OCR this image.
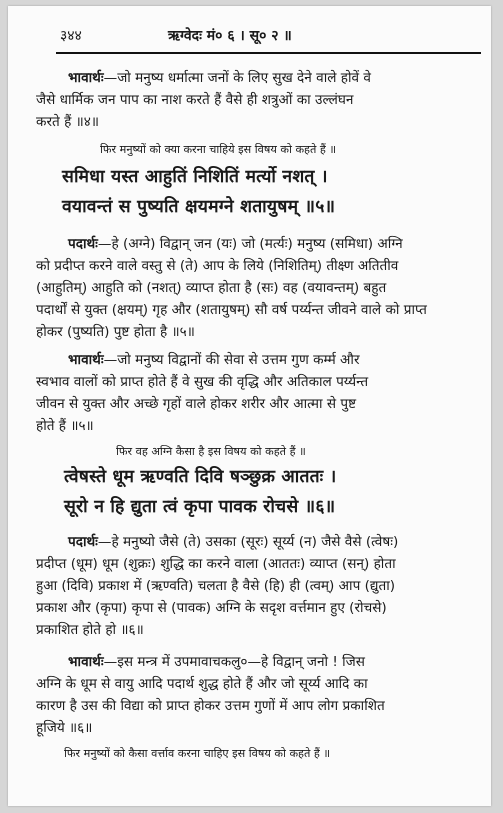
३४४	ऋग्वेदः मं० ६ । सू० २ ॥
भावार्थः—जो मनुष्य धर्मात्मा जनों के लिए सुख देने वाले होवें वे
जैसे धार्मिक जन पाप का नाश करते हैं वैसे ही शत्रुओं का उल्लंघन
करते हैं ॥४॥
फिर मनुष्यों को क्या करना चाहिये इस विषय को कहते हैं ॥
समिधा यस्त आहुतिं निशितिं मर्त्यो नशत् ।
वयावन्तं स पुष्यति क्षयमग्ने शतायुषम् ॥५॥
पदार्थः—हे (अग्ने) विद्वान् जन (यः) जो (मर्त्यः) मनुष्य (समिधा) अग्नि
को प्रदीप्त करने वाले वस्तु से (ते) आप के लिये (निशितिम्) तीक्ष्ण अतितीव
(आहुतिम्) आहुति को (नशत्) व्याप्त होता है (सः) वह (वयावन्तम्) बहुत
पदार्थों से युक्त (क्षयम्) गृह और (शतायुषम्) सौ वर्ष पर्य्यन्त जीवने वाले को प्राप्त
होकर (पुष्यति) पुष्ट होता है ॥५॥
भावार्थः—जो मनुष्य विद्वानों की सेवा से उत्तम गुण कर्म्म और
स्वभाव वालों को प्राप्त होते हैं वे सुख की वृद्धि और अतिकाल पर्य्यन्त
जीवन से युक्त और अच्छे गृहों वाले होकर शरीर और आत्मा से पुष्ट
होते हैं ॥५॥
फिर वह अग्नि कैसा है इस विषय को कहते हैं ॥
त्वेषस्ते धूम ऋण्वति दिवि षञ्छुक्र आततः ।
सूरो न हि द्युता त्वं कृपा पावक रोचसे ॥६॥
पदार्थः—हे मनुष्यो जैसे (ते) उसका (सूरः) सूर्य्य (न) जैसे वैसे (त्वेषः)
प्रदीप्त (धूम) धूम (शुक्रः) शुद्धि का करने वाला (आततः) व्याप्त (सन्) होता
हुआ (दिवि) प्रकाश में (ऋण्वति) चलता है वैसे (हि) ही (त्वम्) आप (द्युता)
प्रकाश और (कृपा) कृपा से (पावक) अग्नि के सदृश वर्त्तमान हुए (रोचसे)
प्रकाशित होते हो ॥६॥
भावार्थः—इस मन्त्र में उपमावाचकलु०—हे विद्वान् जनो ! जिस
अग्नि के धूम से वायु आदि पदार्थ शुद्ध होते हैं और जो सूर्य्य आदि का
कारण है उस की विद्या को प्राप्त होकर उत्तम गुणों में आप लोग प्रकाशित
हूजिये ॥६॥
फिर मनुष्यों को कैसा वर्त्ताव करना चाहिए इस विषय को कहते हैं ॥
